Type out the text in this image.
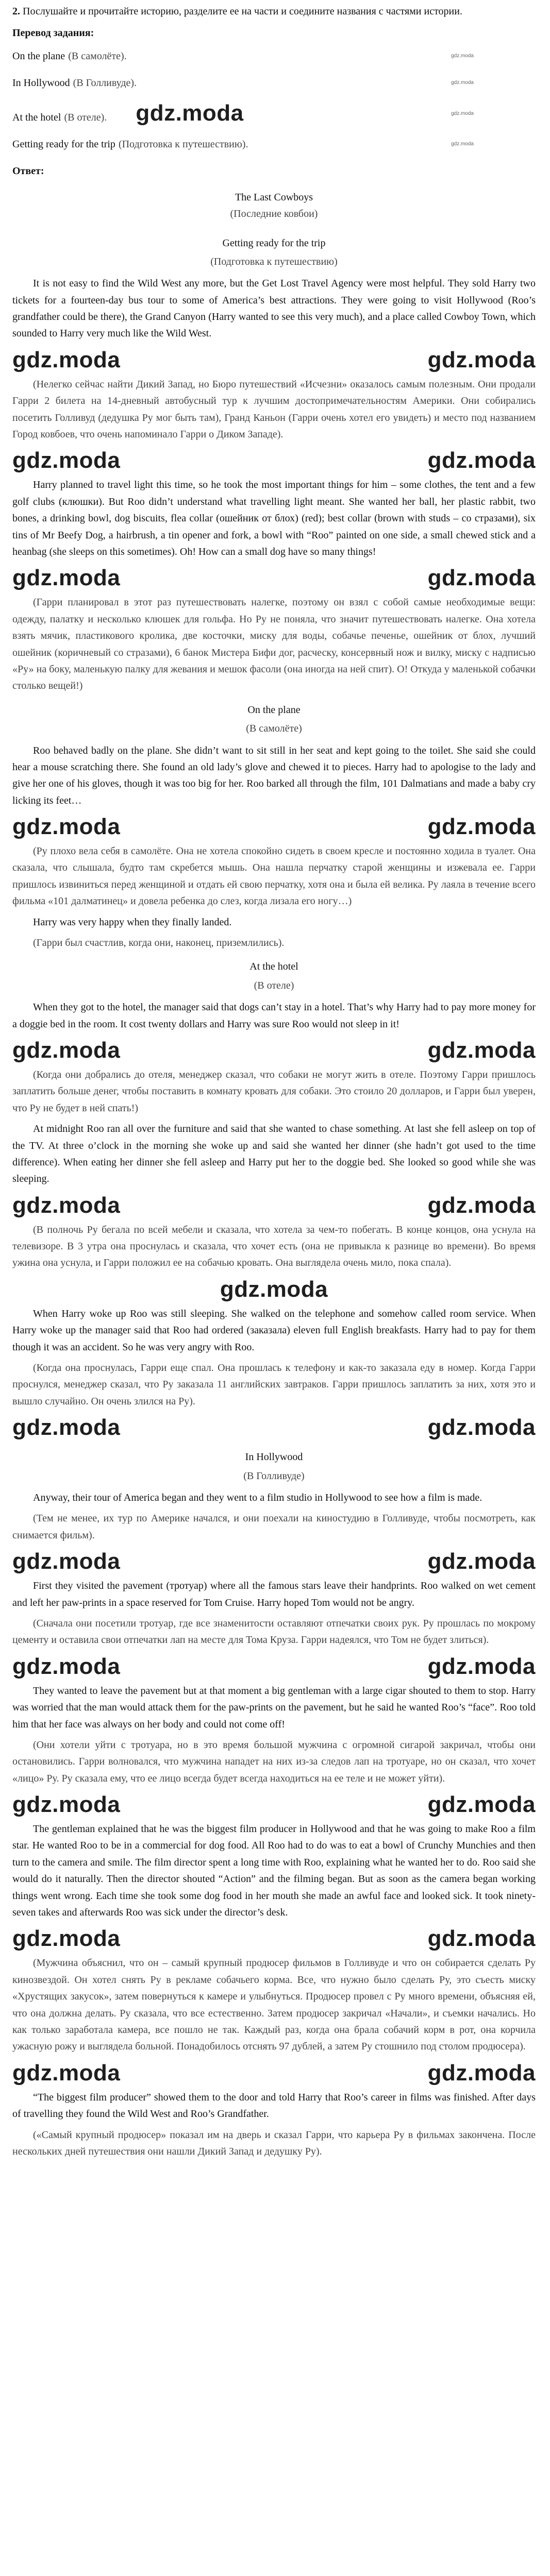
2. Послушайте и прочитайте историю, разделите ее на части и соедините названия с частями истории.
Перевод задания:
On the plane (В самолёте).	gdz.moda
In Hollywood (В Голливуде).	gdz.moda
At the hotel (В отеле). gdz.moda	gdz.moda
Getting ready for the trip (Подготовка к путешествию).	gdz.moda
Ответ:
The Last Cowboys
(Последние ковбои)
Getting ready for the trip
(Подготовка к путешествию)

It is not easy to find the Wild West any more, but the Get Lost Travel Agency were most helpful. They sold Harry two tickets for a fourteen-day bus tour to some of America’s best attractions. They were going to visit Hollywood (Roo’s grandfather could be there), the Grand Canyon (Harry wanted to see this very much), and a place called Cowboy Town, which sounded to Harry very much like the Wild West.

gdz.moda	gdz.moda

(Нелегко сейчас найти Дикий Запад, но Бюро путешествий «Исчезни» оказалось самым полезным. Они продали Гарри 2 билета на 14-дневный автобусный тур к лучшим достопримечательностям Америки. Они собирались посетить Голливуд (дедушка Ру мог быть там), Гранд Каньон (Гарри очень хотел его увидеть) и место под названием Город ковбоев, что очень напоминало Гарри о Диком Западе).

gdz.moda	gdz.moda

Harry planned to travel light this time, so he took the most important things for him – some clothes, the tent and a few golf clubs (клюшки). But Roo didn’t understand what travelling light meant. She wanted her ball, her plastic rabbit, two bones, a drinking bowl, dog biscuits, flea collar (ошейник от блох) (red); best collar (brown with studs – со стразами), six tins of Mr Beefy Dog, a hairbrush, a tin opener and fork, a bowl with “Roo” painted on one side, a small chewed stick and a heanbag (she sleeps on this sometimes). Oh! How can a small dog have so many things!

gdz.moda	gdz.moda

(Гарри планировал в этот раз путешествовать налегке, поэтому он взял с собой самые необходимые вещи: одежду, палатку и несколько клюшек для гольфа. Но Ру не поняла, что значит путешествовать налегке. Она хотела взять мячик, пластикового кролика, две косточки, миску для воды, собачье печенье, ошейник от блох, лучший ошейник (коричневый со стразами), 6 банок Мистера Бифи дог, расческу, консервный нож и вилку, миску с надписью «Ру» на боку, маленькую палку для жевания и мешок фасоли (она иногда на ней спит). О! Откуда у маленькой собачки столько вещей!)

On the plane
(В самолёте)

Roo behaved badly on the plane. She didn’t want to sit still in her seat and kept going to the toilet. She said she could hear a mouse scratching there. She found an old lady’s glove and chewed it to pieces. Harry had to apologise to the lady and give her one of his gloves, though it was too big for her. Roo barked all through the film, 101 Dalmatians and made a baby cry licking its feet…

gdz.moda	gdz.moda

(Ру плохо вела себя в самолёте. Она не хотела спокойно сидеть в своем кресле и постоянно ходила в туалет. Она сказала, что слышала, будто там скребется мышь. Она нашла перчатку старой женщины и изжевала ее. Гарри пришлось извиниться перед женщиной и отдать ей свою перчатку, хотя она и была ей велика. Ру лаяла в течение всего фильма «101 далматинец» и довела ребенка до слез, когда лизала его ногу…)

Harry was very happy when they finally landed.

(Гарри был счастлив, когда они, наконец, приземлились).

At the hotel
(В отеле)

When they got to the hotel, the manager said that dogs can’t stay in a hotel. That’s why Harry had to pay more money for a doggie bed in the room. It cost twenty dollars and Harry was sure Roo would not sleep in it!

gdz.moda	gdz.moda

(Когда они добрались до отеля, менеджер сказал, что собаки не могут жить в отеле. Поэтому Гарри пришлось заплатить больше денег, чтобы поставить в комнату кровать для собаки. Это стоило 20 долларов, и Гарри был уверен, что Ру не будет в ней спать!)

At midnight Roo ran all over the furniture and said that she wanted to chase something. At last she fell asleep on top of the TV. At three o’clock in the morning she woke up and said she wanted her dinner (she hadn’t got used to the time difference). When eating her dinner she fell asleep and Harry put her to the doggie bed. She looked so good while she was sleeping.

gdz.moda	gdz.moda

(В полночь Ру бегала по всей мебели и сказала, что хотела за чем-то побегать. В конце концов, она уснула на телевизоре. В 3 утра она проснулась и сказала, что хочет есть (она не привыкла к разнице во времени). Во время ужина она уснула, и Гарри положил ее на собачью кровать. Она выглядела очень мило, пока спала).

gdz.moda

When Harry woke up Roo was still sleeping. She walked on the telephone and somehow called room service. When Harry woke up the manager said that Roo had ordered (заказала) eleven full English breakfasts. Harry had to pay for them though it was an accident. So he was very angry with Roo.

(Когда она проснулась, Гарри еще спал. Она прошлась к телефону и как-то заказала еду в номер. Когда Гарри проснулся, менеджер сказал, что Ру заказала 11 английских завтраков. Гарри пришлось заплатить за них, хотя это и вышло случайно. Он очень злился на Ру).

gdz.moda	gdz.moda
In Hollywood
(В Голливуде)

Anyway, their tour of America began and they went to a film studio in Hollywood to see how a film is made.

(Тем не менее, их тур по Америке начался, и они поехали на киностудию в Голливуде, чтобы посмотреть, как снимается фильм).

gdz.moda	gdz.moda

First they visited the pavement (тротуар) where all the famous stars leave their handprints. Roo walked on wet cement and left her paw-prints in a space reserved for Tom Cruise. Harry hoped Tom would not be angry.

(Сначала они посетили тротуар, где все знаменитости оставляют отпечатки своих рук. Ру прошлась по мокрому цементу и оставила свои отпечатки лап на месте для Тома Круза. Гарри надеялся, что Том не будет злиться).

gdz.moda	gdz.moda

They wanted to leave the pavement but at that moment a big gentleman with a large cigar shouted to them to stop. Harry was worried that the man would attack them for the paw-prints on the pavement, but he said he wanted Roo’s “face”. Roo told him that her face was always on her body and could not come off!

(Они хотели уйти с тротуара, но в это время большой мужчина с огромной сигарой закричал, чтобы они остановились. Гарри волновался, что мужчина нападет на них из-за следов лап на тротуаре, но он сказал, что хочет «лицо» Ру. Ру сказала ему, что ее лицо всегда будет всегда находиться на ее теле и не может уйти).

gdz.moda	gdz.moda

The gentleman explained that he was the biggest film producer in Hollywood and that he was going to make Roo a film star. He wanted Roo to be in a commercial for dog food. All Roo had to do was to eat a bowl of Crunchy Munchies and then turn to the camera and smile. The film director spent a long time with Roo, explaining what he wanted her to do. Roo said she would do it naturally. Then the director shouted “Action” and the filming began. But as soon as the camera began working things went wrong. Each time she took some dog food in her mouth she made an awful face and looked sick. It took ninety-seven takes and afterwards Roo was sick under the director’s desk.

gdz.moda	gdz.moda

(Мужчина объяснил, что он – самый крупный продюсер фильмов в Голливуде и что он собирается сделать Ру кинозвездой. Он хотел снять Ру в рекламе собачьего корма. Все, что нужно было сделать Ру, это съесть миску «Хрустящих закусок», затем повернуться к камере и улыбнуться. Продюсер провел с Ру много времени, объясняя ей, что она должна делать. Ру сказала, что все естественно. Затем продюсер закричал «Начали», и съемки начались. Но как только заработала камера, все пошло не так. Каждый раз, когда она брала собачий корм в рот, она корчила ужасную рожу и выглядела больной. Понадобилось отснять 97 дублей, а затем Ру стошнило под столом продюсера).

gdz.moda	gdz.moda

“The biggest film producer” showed them to the door and told Harry that Roo’s career in films was finished. After days of travelling they found the Wild West and Roo’s Grandfather.

(«Самый крупный продюсер» показал им на дверь и сказал Гарри, что карьера Ру в фильмах закончена. После нескольких дней путешествия они нашли Дикий Запад и дедушку Ру).
